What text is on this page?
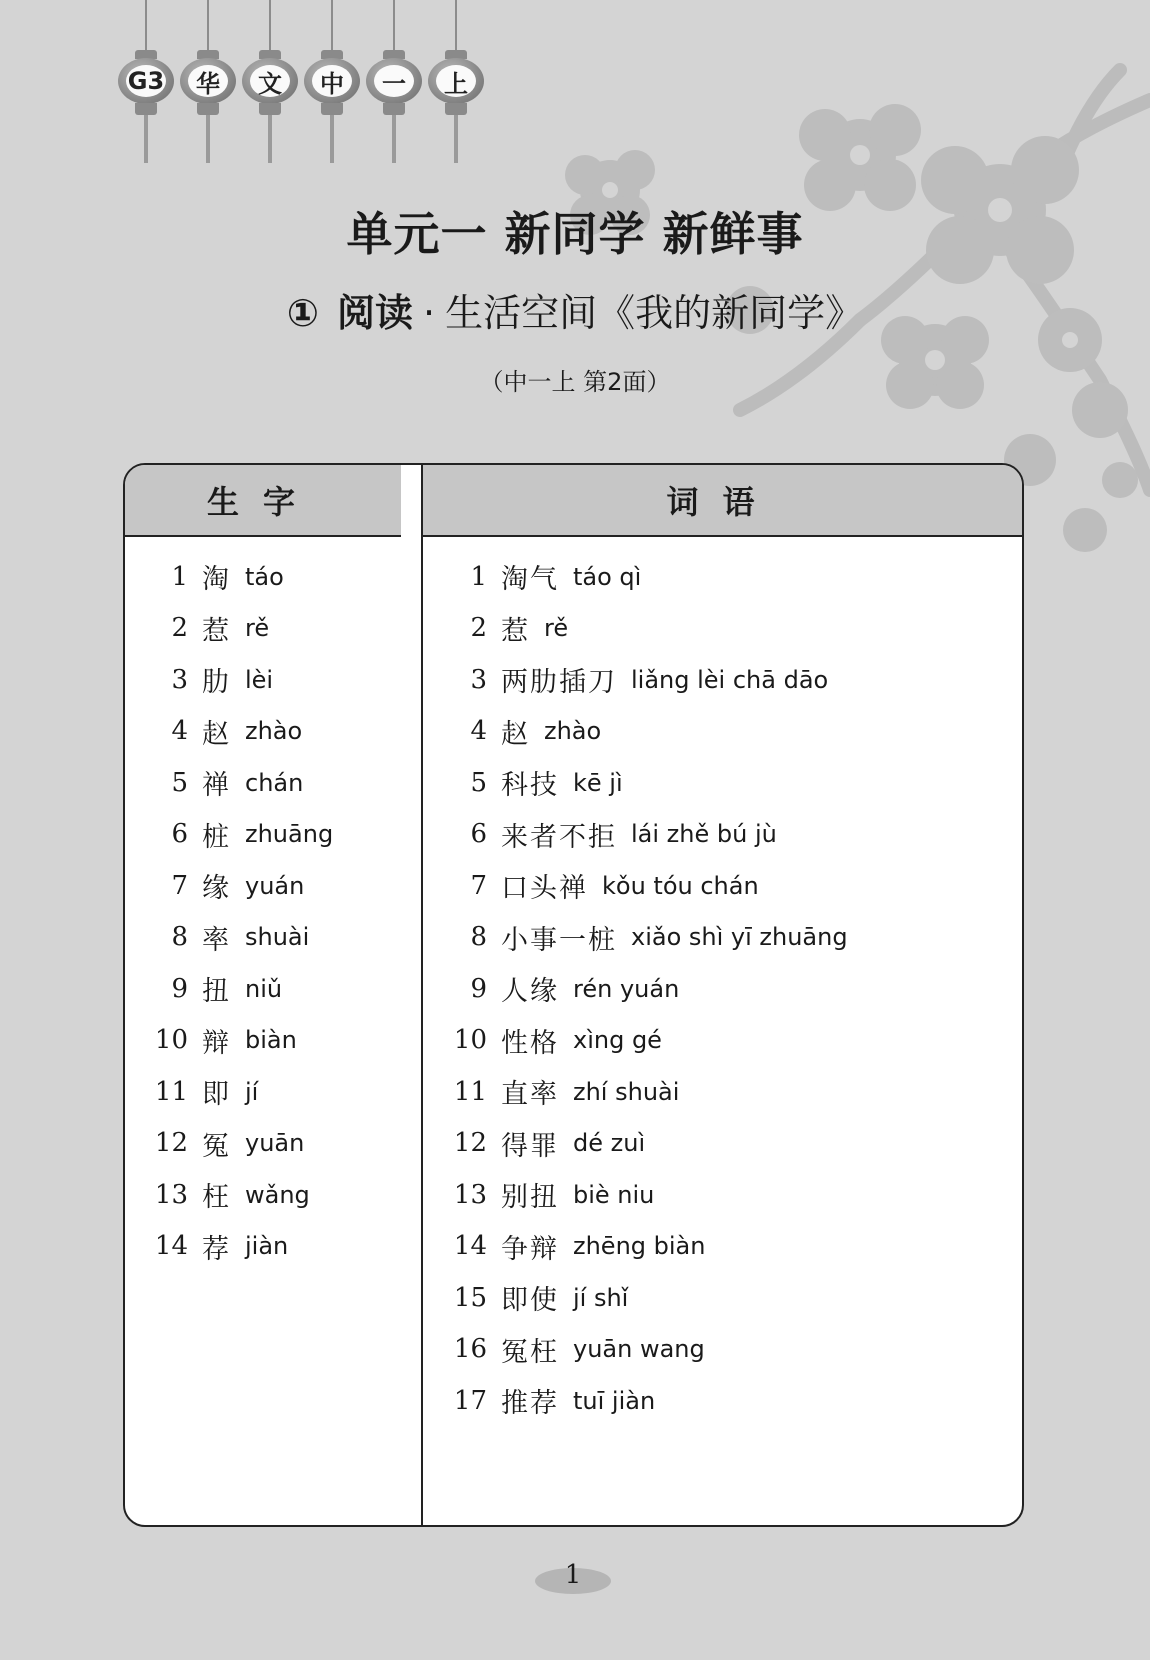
G3	华	文	中	一	上
单元一 新同学 新鲜事
① 阅读 · 生活空间《我的新同学》
（中一上 第2面）
生字
1 淘 táo
2 惹 rě
3 肋 lèi
4 赵 zhào
5 禅 chán
6 桩 zhuāng
7 缘 yuán
8 率 shuài
9 扭 niǔ
10 辩 biàn
11 即 jí
12 冤 yuān
13 枉 wǎng
14 荐 jiàn
词语
1 淘气 táo qì
2 惹 rě
3 两肋插刀 liǎng lèi chā dāo
4 赵 zhào
5 科技 kē jì
6 来者不拒 lái zhě bú jù
7 口头禅 kǒu tóu chán
8 小事一桩 xiǎo shì yī zhuāng
9 人缘 rén yuán
10 性格 xìng gé
11 直率 zhí shuài
12 得罪 dé zuì
13 别扭 biè niu
14 争辩 zhēng biàn
15 即使 jí shǐ
16 冤枉 yuān wang
17 推荐 tuī jiàn
1
